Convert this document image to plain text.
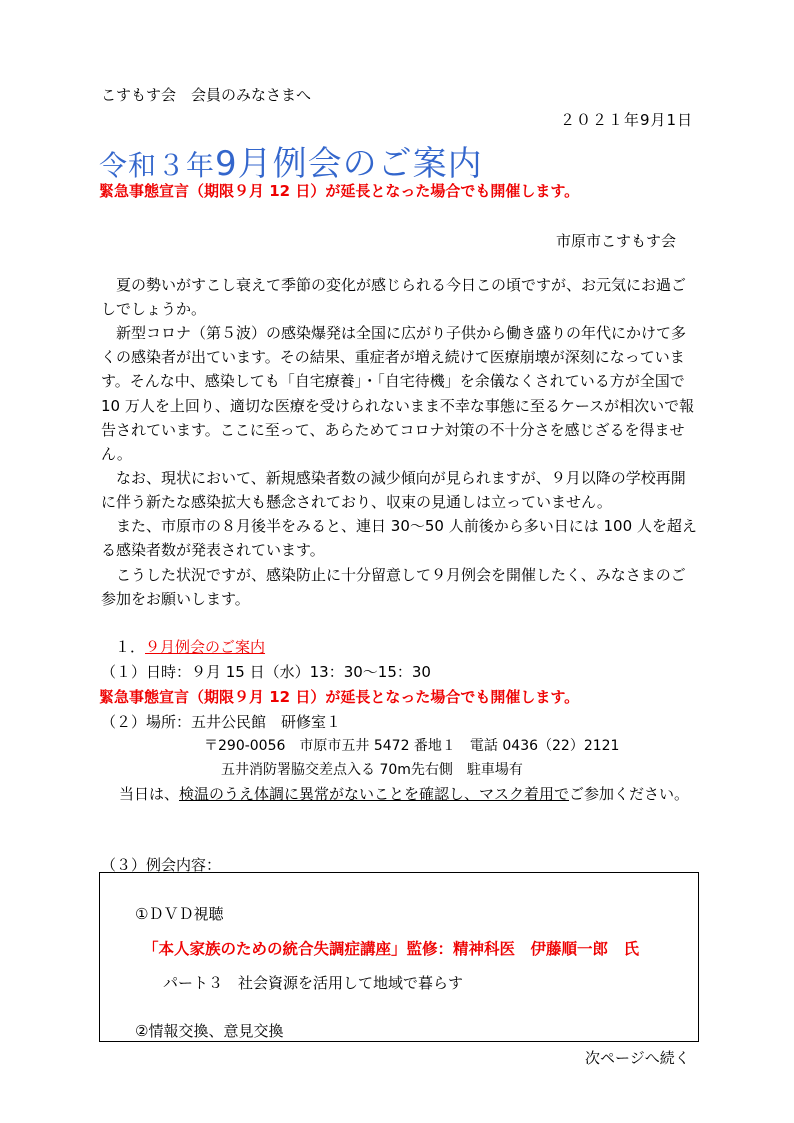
こすもす会　会員のみなさまへ
２０２１年9月1日
令和３年9月例会のご案内
緊急事態宣言（期限９月 12 日）が延長となった場合でも開催します。
市原市こすもす会
夏の勢いがすこし衰えて季節の変化が感じられる今日この頃ですが、お元気にお過ごしでしょうか。
新型コロナ（第５波）の感染爆発は全国に広がり子供から働き盛りの年代にかけて多くの感染者が出ています。その結果、重症者が増え続けて医療崩壊が深刻になっています。そんな中、感染しても「自宅療養」・「自宅待機」を余儀なくされている方が全国で 10 万人を上回り、適切な医療を受けられないまま不幸な事態に至るケースが相次いで報告されています。ここに至って、あらためてコロナ対策の不十分さを感じざるを得ません。
なお、現状において、新規感染者数の減少傾向が見られますが、９月以降の学校再開に伴う新たな感染拡大も懸念されており、収束の見通しは立っていません。
また、市原市の８月後半をみると、連日 30～50 人前後から多い日には 100 人を超える感染者数が発表されています。
こうした状況ですが、感染防止に十分留意して９月例会を開催したく、みなさまのご参加をお願いします。
１．９月例会のご案内
（１）日時：９月 15 日（水）13：30～15：30
緊急事態宣言（期限９月 12 日）が延長となった場合でも開催します。
（２）場所：五井公民館　研修室１
〒290‐0056　市原市五井 5472 番地１　電話 0436（22）2121
五井消防署脇交差点入る 70m先右側　駐車場有
当日は、検温のうえ体調に異常がないことを確認し、マスク着用でご参加ください。
（３）例会内容：
①ＤＶＤ視聴
「本人家族のための統合失調症講座」監修：精神科医　伊藤順一郎　氏
パート３　社会資源を活用して地域で暮らす
②情報交換、意見交換
次ページへ続く
